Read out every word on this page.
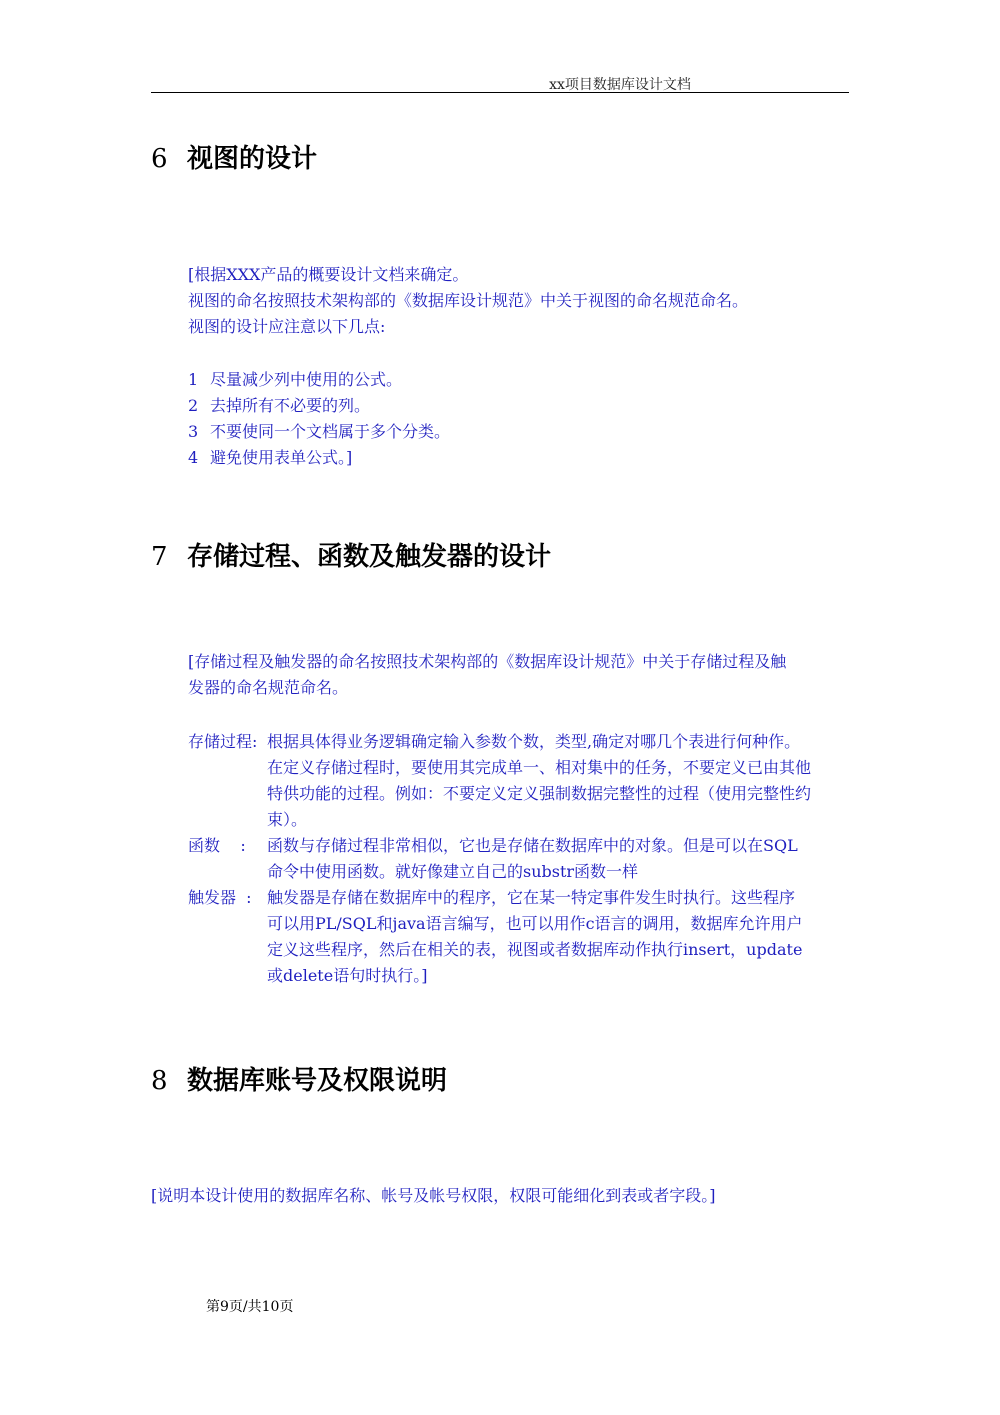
xx项目数据库设计文档
6 视图的设计
[根据XXX产品的概要设计文档来确定。
视图的命名按照技术架构部的《数据库设计规范》中关于视图的命名规范命名。
视图的设计应注意以下几点:
1 尽量减少列中使用的公式。
2 去掉所有不必要的列。
3 不要使同一个文档属于多个分类。
4 避免使用表单公式。]
7 存储过程、函数及触发器的设计
[存储过程及触发器的命名按照技术架构部的《数据库设计规范》中关于存储过程及触
发器的命名规范命名。
存储过程: 根据具体得业务逻辑确定输入参数个数，类型,确定对哪几个表进行何种作。
在定义存储过程时，要使用其完成单一、相对集中的任务，不要定义已由其他
特供功能的过程。例如：不要定义定义强制数据完整性的过程（使用完整性约
束）。
函数    : 函数与存储过程非常相似，它也是存储在数据库中的对象。但是可以在SQL
命令中使用函数。就好像建立自己的substr函数一样
触发器  : 触发器是存储在数据库中的程序，它在某一特定事件发生时执行。这些程序
可以用PL/SQL和java语言编写，也可以用作c语言的调用，数据库允许用户
定义这些程序，然后在相关的表，视图或者数据库动作执行insert，update
或delete语句时执行。]
8 数据库账号及权限说明
[说明本设计使用的数据库名称、帐号及帐号权限，权限可能细化到表或者字段。]
第9页/共10页
